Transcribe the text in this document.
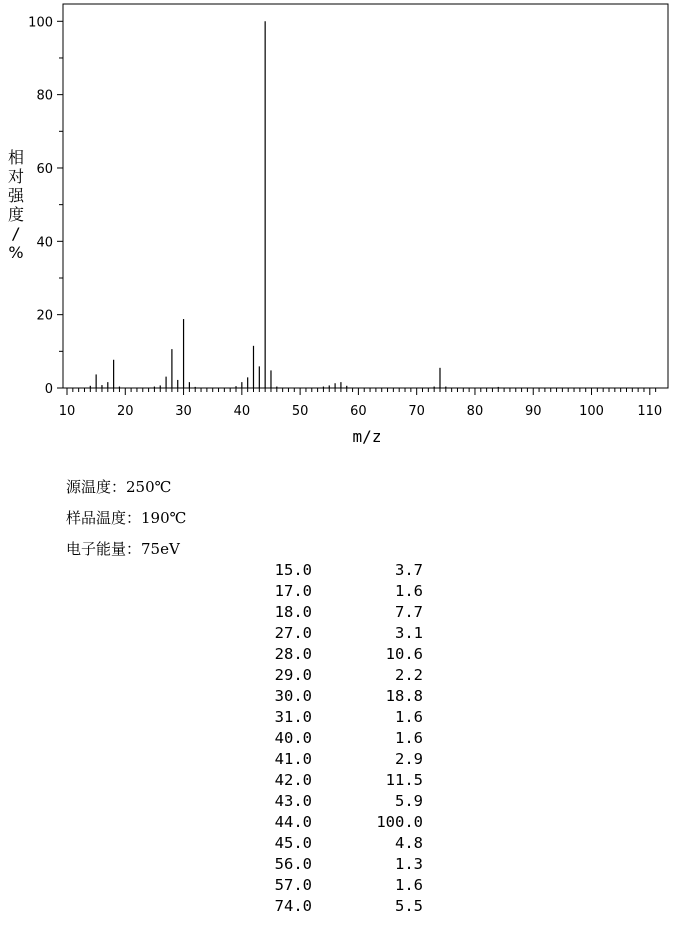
10	20	30	40	50	60	70	80	90	100	110
0
20
40
60
80
100
m/z
相对强度/ %
源温度：250℃
样品温度：190℃
电子能量：75eV
15.0	3.7
17.0	1.6
18.0	7.7
27.0	3.1
28.0	10.6
29.0	2.2
30.0	18.8
31.0	1.6
40.0	1.6
41.0	2.9
42.0	11.5
43.0	5.9
44.0	100.0
45.0	4.8
56.0	1.3
57.0	1.6
74.0	5.5
